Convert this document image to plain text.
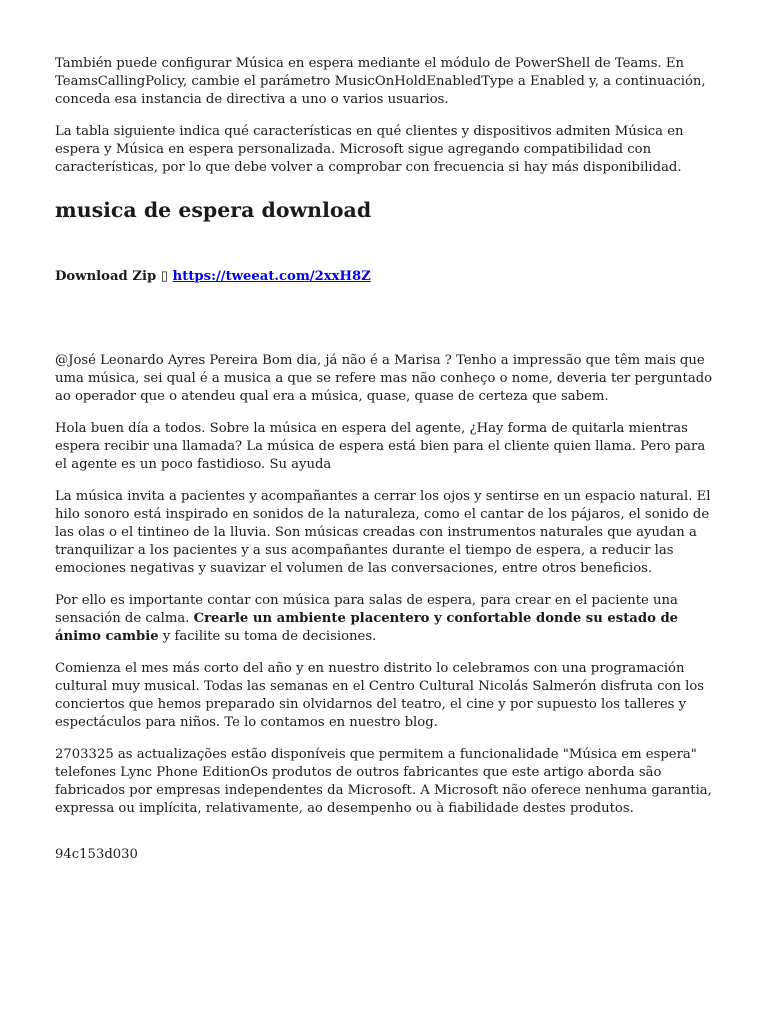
También puede configurar Música en espera mediante el módulo de PowerShell de Teams. En TeamsCallingPolicy, cambie el parámetro MusicOnHoldEnabledType a Enabled y, a continuación, conceda esa instancia de directiva a uno o varios usuarios.

La tabla siguiente indica qué características en qué clientes y dispositivos admiten Música en espera y Música en espera personalizada. Microsoft sigue agregando compatibilidad con características, por lo que debe volver a comprobar con frecuencia si hay más disponibilidad.

musica de espera download
Download Zip ▯ https://tweeat.com/2xxH8Z

@José Leonardo Ayres Pereira Bom dia, já não é a Marisa ? Tenho a impressão que têm mais que uma música, sei qual é a musica a que se refere mas não conheço o nome, deveria ter perguntado ao operador que o atendeu qual era a música, quase, quase de certeza que sabem.

Hola buen día a todos. Sobre la música en espera del agente, ¿Hay forma de quitarla mientras espera recibir una llamada? La música de espera está bien para el cliente quien llama. Pero para el agente es un poco fastidioso. Su ayuda

La música invita a pacientes y acompañantes a cerrar los ojos y sentirse en un espacio natural. El hilo sonoro está inspirado en sonidos de la naturaleza, como el cantar de los pájaros, el sonido de las olas o el tintineo de la lluvia. Son músicas creadas con instrumentos naturales que ayudan a tranquilizar a los pacientes y a sus acompañantes durante el tiempo de espera, a reducir las emociones negativas y suavizar el volumen de las conversaciones, entre otros beneficios.

Por ello es importante contar con música para salas de espera, para crear en el paciente una sensación de calma. Crearle un ambiente placentero y confortable donde su estado de ánimo cambie y facilite su toma de decisiones.

Comienza el mes más corto del año y en nuestro distrito lo celebramos con una programación cultural muy musical. Todas las semanas en el Centro Cultural Nicolás Salmerón disfruta con los conciertos que hemos preparado sin olvidarnos del teatro, el cine y por supuesto los talleres y espectáculos para niños. Te lo contamos en nuestro blog.

2703325 as actualizações estão disponíveis que permitem a funcionalidade "Música em espera" telefones Lync Phone EditionOs produtos de outros fabricantes que este artigo aborda são fabricados por empresas independentes da Microsoft. A Microsoft não oferece nenhuma garantia, expressa ou implícita, relativamente, ao desempenho ou à fiabilidade destes produtos.

94c153d030
